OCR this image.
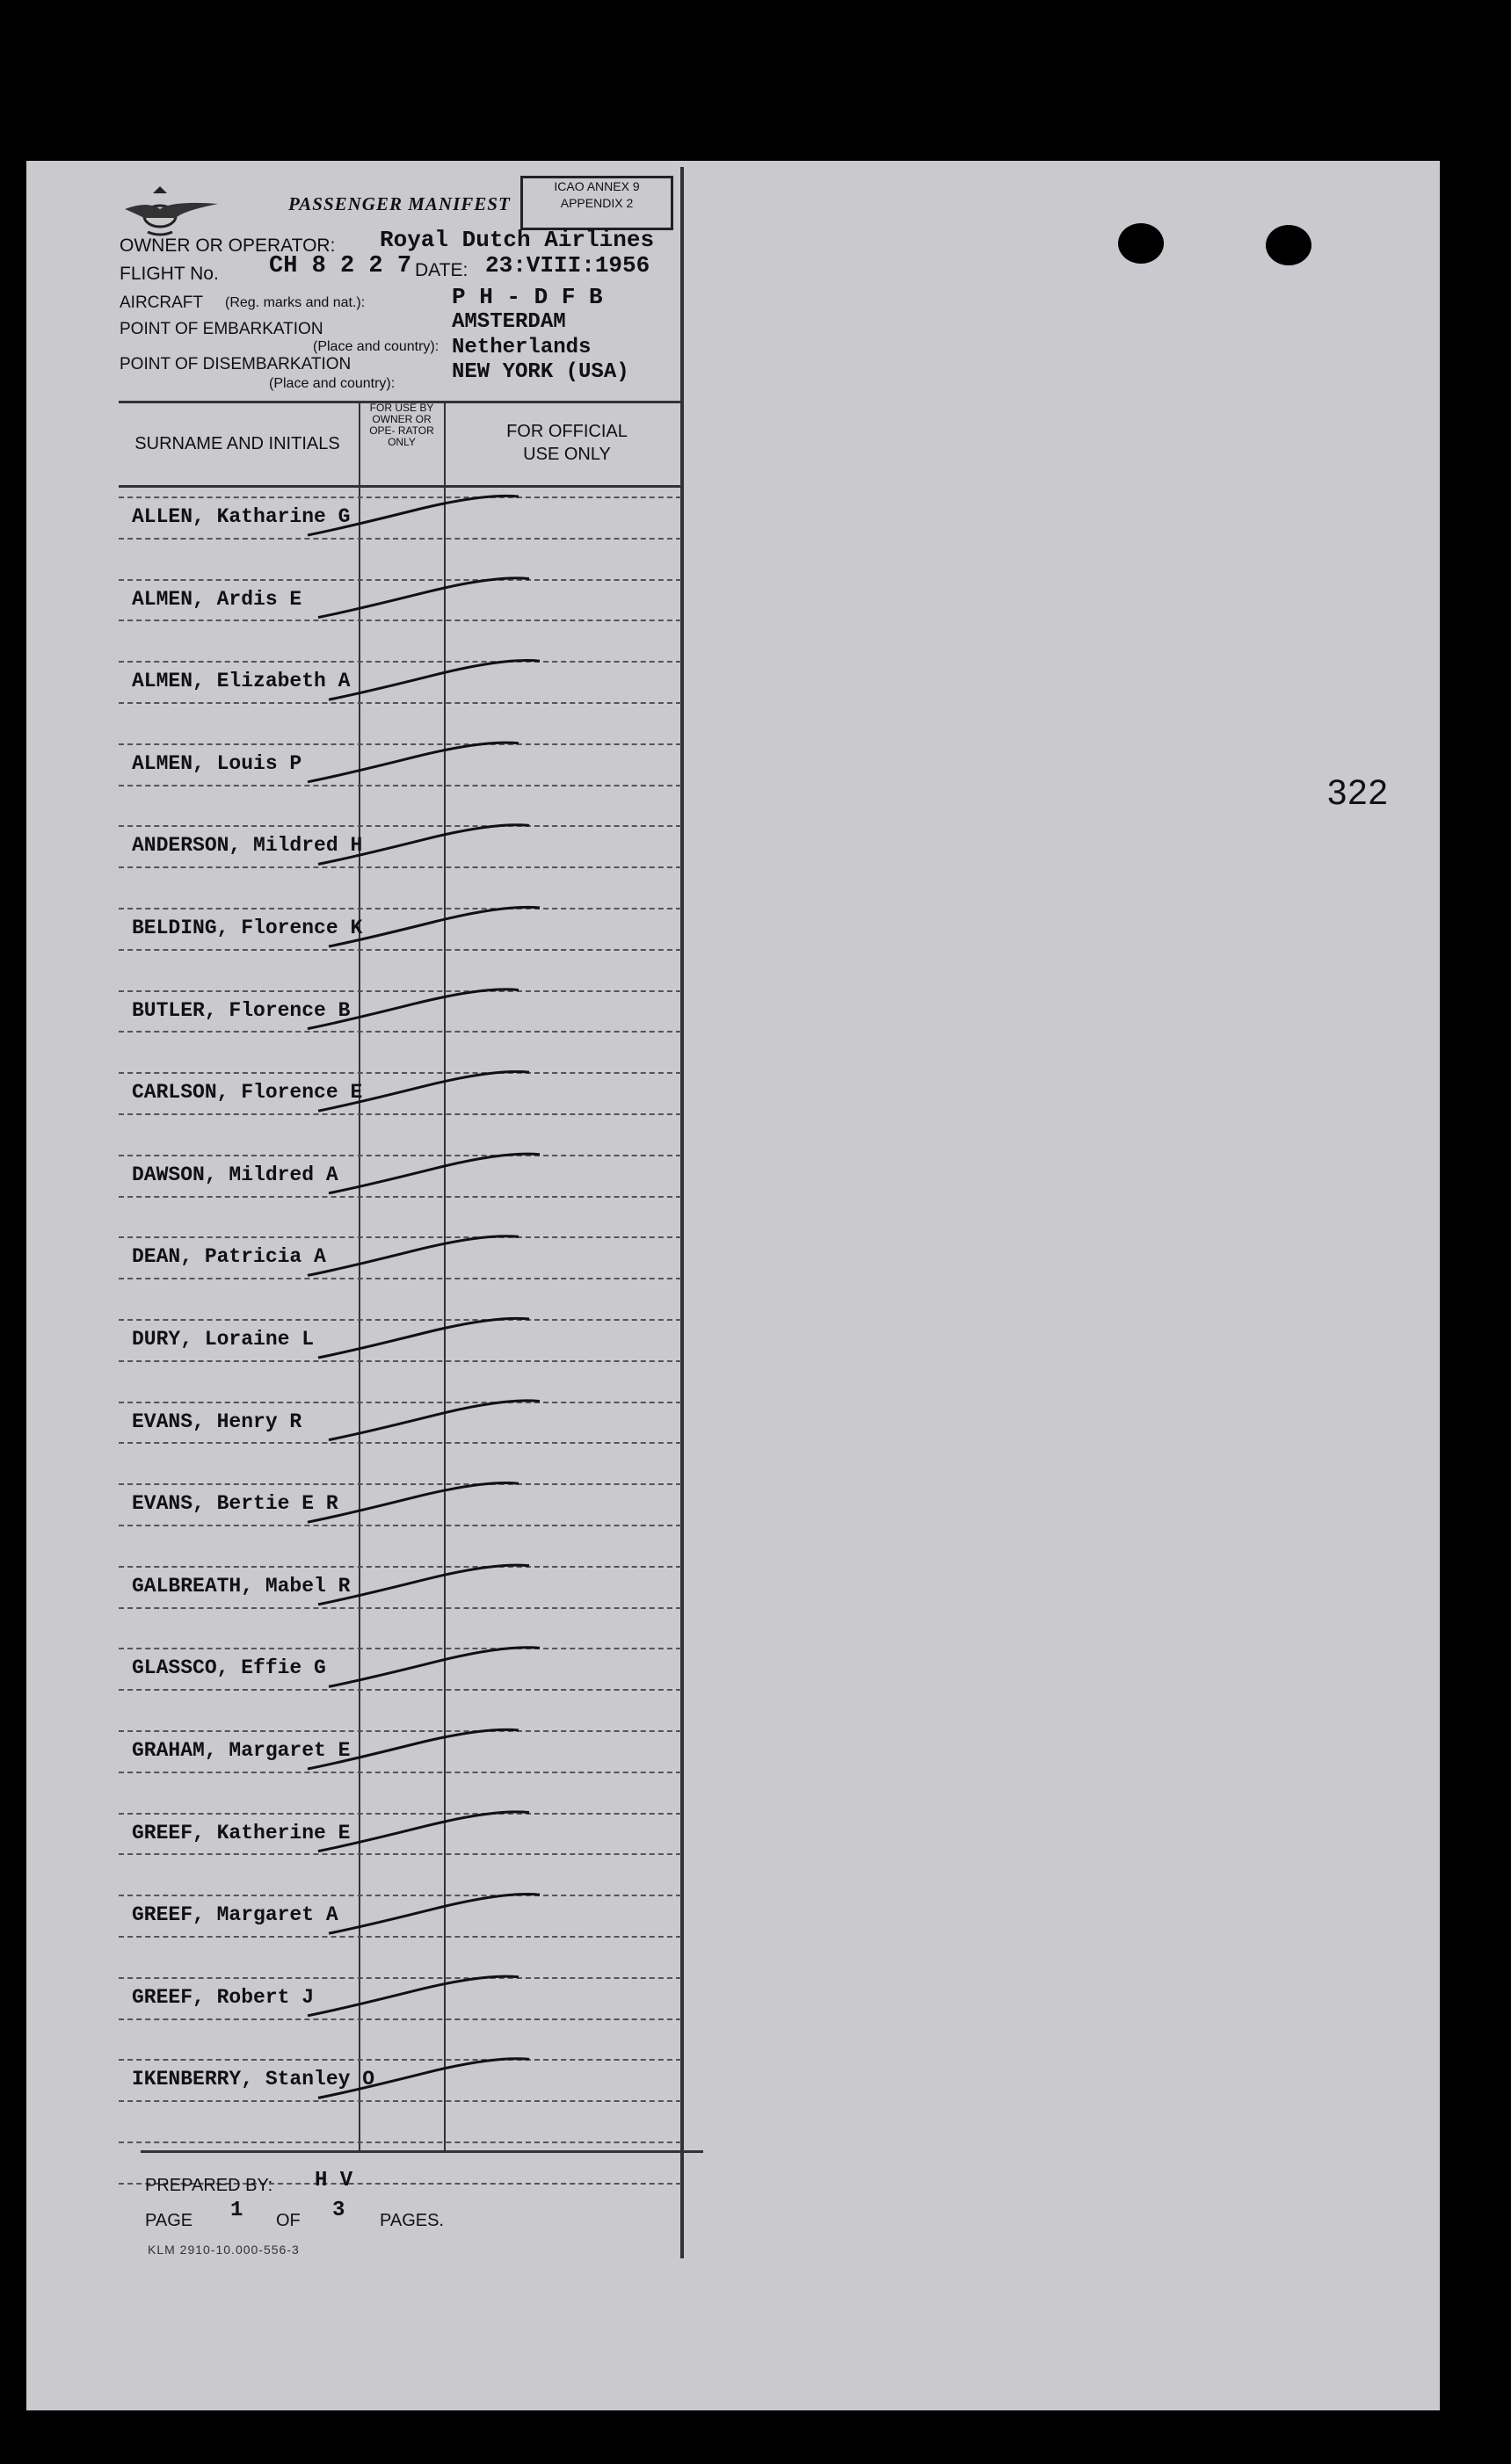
322
PASSENGER MANIFEST
ICAO ANNEX 9
APPENDIX 2
OWNER OR OPERATOR: Royal Dutch Airlines
FLIGHT No. CH 8 2 2 7 DATE: 23:VIII:1956
AIRCRAFT (Reg. marks and nat.):	P H - D F B
POINT OF EMBARKATION	AMSTERDAM
(Place and country): Netherlands
POINT OF DISEMBARKATION	NEW YORK (USA)
(Place and country):
SURNAME AND INITIALS
FOR USE BY OWNER OR OPE- RATOR ONLY
FOR OFFICIAL USE ONLY
ALLEN, Katharine G
ALMEN, Ardis E
ALMEN, Elizabeth A
ALMEN, Louis P
ANDERSON, Mildred H
BELDING, Florence K
BUTLER, Florence B
CARLSON, Florence E
DAWSON, Mildred A
DEAN, Patricia A
DURY, Loraine L
EVANS, Henry R
EVANS, Bertie E R
GALBREATH, Mabel R
GLASSCO, Effie G
GRAHAM, Margaret E
GREEF, Katherine E
GREEF, Margaret A
GREEF, Robert J
IKENBERRY, Stanley O
PREPARED BY: H V
PAGE 1 OF 3 PAGES.
KLM 2910-10.000-556-3
